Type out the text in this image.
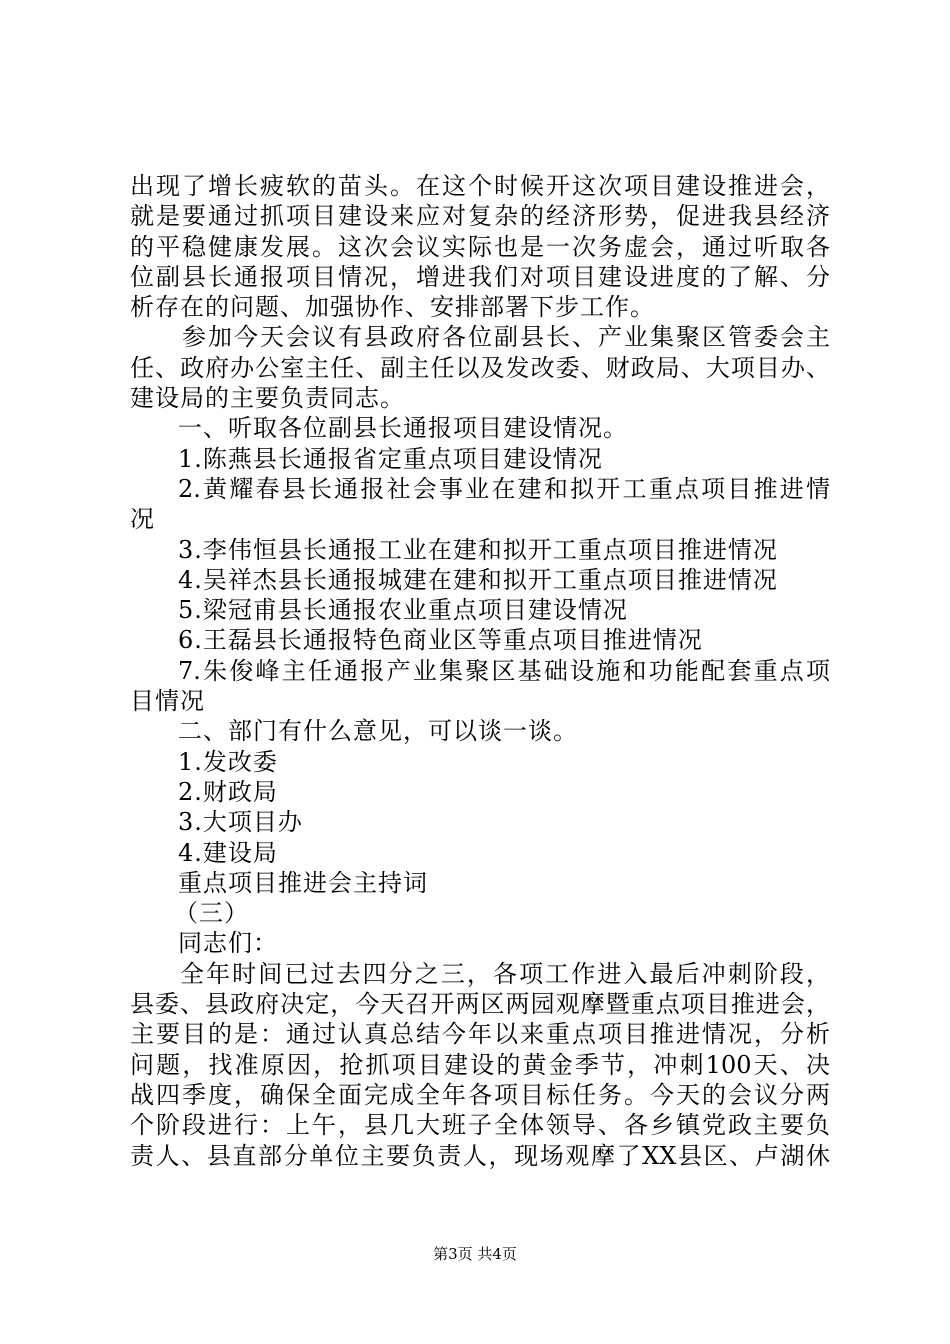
出现了增长疲软的苗头。在这个时候开这次项目建设推进会，
就是要通过抓项目建设来应对复杂的经济形势，促进我县经济
的平稳健康发展。这次会议实际也是一次务虚会，通过听取各
位副县长通报项目情况，增进我们对项目建设进度的了解、分
析存在的问题、加强协作、安排部署下步工作。
参加今天会议有县政府各位副县长、产业集聚区管委会主
任、政府办公室主任、副主任以及发改委、财政局、大项目办、
建设局的主要负责同志。
一、听取各位副县长通报项目建设情况。
1.陈燕县长通报省定重点项目建设情况
2.黄耀春县长通报社会事业在建和拟开工重点项目推进情
况
3.李伟恒县长通报工业在建和拟开工重点项目推进情况
4.吴祥杰县长通报城建在建和拟开工重点项目推进情况
5.梁冠甫县长通报农业重点项目建设情况
6.王磊县长通报特色商业区等重点项目推进情况
7.朱俊峰主任通报产业集聚区基础设施和功能配套重点项
目情况
二、部门有什么意见，可以谈一谈。
1.发改委
2.财政局
3.大项目办
4.建设局
重点项目推进会主持词
（三）
同志们：
全年时间已过去四分之三，各项工作进入最后冲刺阶段，
县委、县政府决定，今天召开两区两园观摩暨重点项目推进会，
主要目的是：通过认真总结今年以来重点项目推进情况，分析
问题，找准原因，抢抓项目建设的黄金季节，冲刺100天、决
战四季度，确保全面完成全年各项目标任务。今天的会议分两
个阶段进行：上午，县几大班子全体领导、各乡镇党政主要负
责人、县直部分单位主要负责人，现场观摩了XX县区、卢湖休
第3页 共4页
